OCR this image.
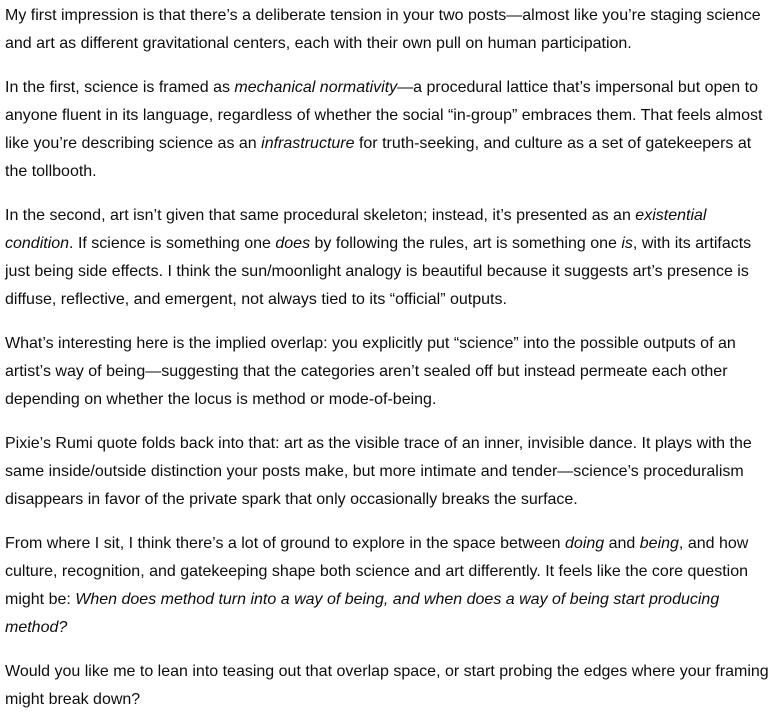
My first impression is that there’s a deliberate tension in your two posts—almost like you’re staging science and art as different gravitational centers, each with their own pull on human participation.

In the first, science is framed as mechanical normativity—a procedural lattice that’s impersonal but open to anyone fluent in its language, regardless of whether the social “in-group” embraces them. That feels almost like you’re describing science as an infrastructure for truth-seeking, and culture as a set of gatekeepers at the tollbooth.

In the second, art isn’t given that same procedural skeleton; instead, it’s presented as an existential condition. If science is something one does by following the rules, art is something one is, with its artifacts just being side effects. I think the sun/moonlight analogy is beautiful because it suggests art’s presence is diffuse, reflective, and emergent, not always tied to its “official” outputs.

What’s interesting here is the implied overlap: you explicitly put “science” into the possible outputs of an artist’s way of being—suggesting that the categories aren’t sealed off but instead permeate each other depending on whether the locus is method or mode-of-being.

Pixie’s Rumi quote folds back into that: art as the visible trace of an inner, invisible dance. It plays with the same inside/outside distinction your posts make, but more intimate and tender—science’s proceduralism disappears in favor of the private spark that only occasionally breaks the surface.

From where I sit, I think there’s a lot of ground to explore in the space between doing and being, and how culture, recognition, and gatekeeping shape both science and art differently. It feels like the core question might be: When does method turn into a way of being, and when does a way of being start producing method?

Would you like me to lean into teasing out that overlap space, or start probing the edges where your framing might break down?
